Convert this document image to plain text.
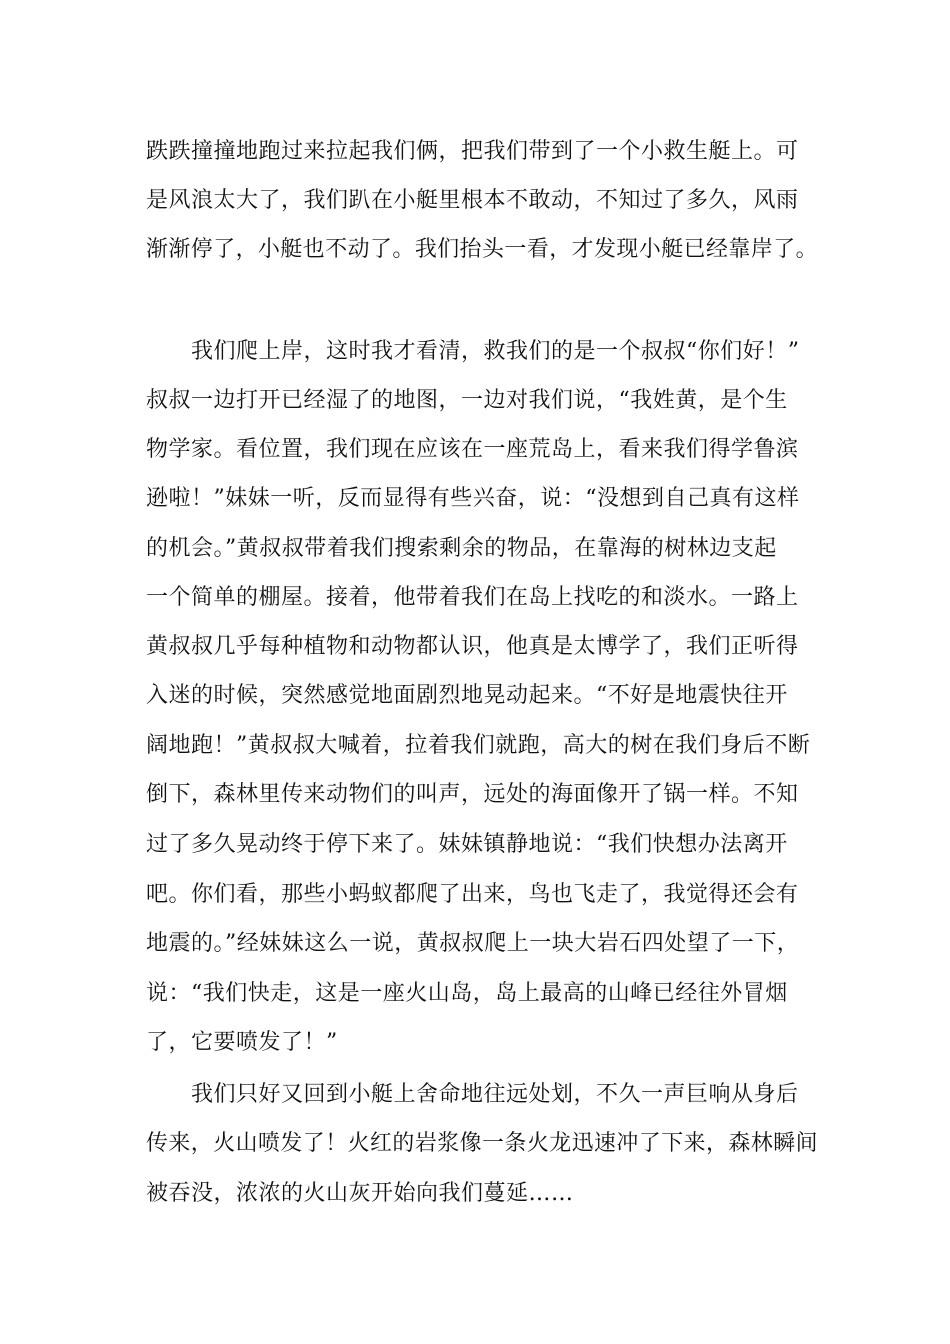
跌跌撞撞地跑过来拉起我们俩，把我们带到了一个小救生艇上。可
是风浪太大了，我们趴在小艇里根本不敢动，不知过了多久，风雨
渐渐停了，小艇也不动了。我们抬头一看，才发现小艇已经靠岸了。
我们爬上岸，这时我才看清，救我们的是一个叔叔“你们好！”
叔叔一边打开已经湿了的地图，一边对我们说，“我姓黄，是个生
物学家。看位置，我们现在应该在一座荒岛上，看来我们得学鲁滨
逊啦！”妹妹一听，反而显得有些兴奋，说：“没想到自己真有这样
的机会。”黄叔叔带着我们搜索剩余的物品，在靠海的树林边支起
一个简单的棚屋。接着，他带着我们在岛上找吃的和淡水。一路上
黄叔叔几乎每种植物和动物都认识，他真是太博学了，我们正听得
入迷的时候，突然感觉地面剧烈地晃动起来。“不好是地震快往开
阔地跑！”黄叔叔大喊着，拉着我们就跑，高大的树在我们身后不断
倒下，森林里传来动物们的叫声，远处的海面像开了锅一样。不知
过了多久晃动终于停下来了。妹妹镇静地说：“我们快想办法离开
吧。你们看，那些小蚂蚁都爬了出来，鸟也飞走了，我觉得还会有
地震的。”经妹妹这么一说，黄叔叔爬上一块大岩石四处望了一下，
说：“我们快走，这是一座火山岛，岛上最高的山峰已经往外冒烟
了，它要喷发了！”
我们只好又回到小艇上舍命地往远处划，不久一声巨响从身后
传来，火山喷发了！火红的岩浆像一条火龙迅速冲了下来，森林瞬间
被吞没，浓浓的火山灰开始向我们蔓延……
